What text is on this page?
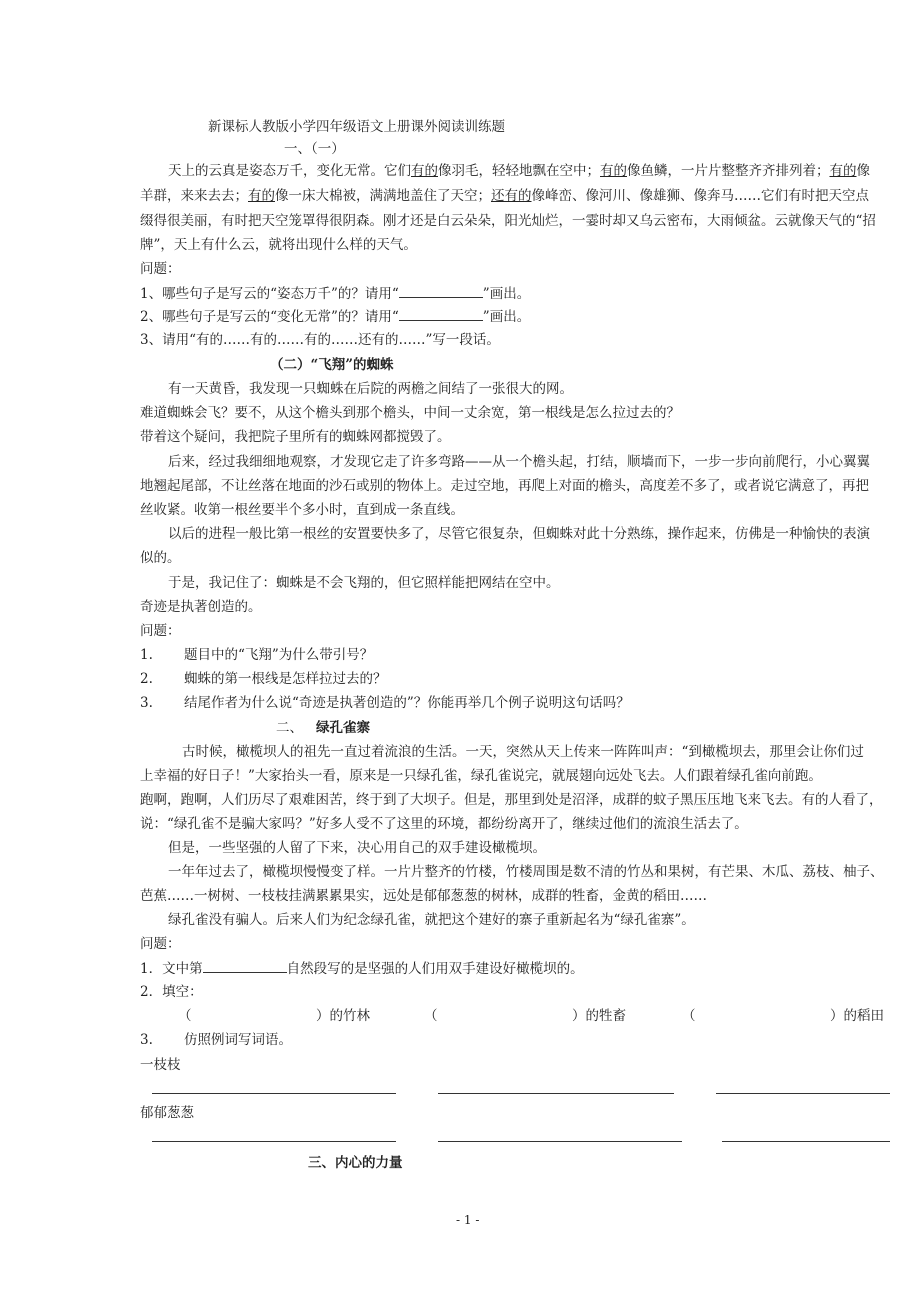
新课标人教版小学四年级语文上册课外阅读训练题
一、（一）
天上的云真是姿态万千，变化无常。它们有的像羽毛，轻轻地飘在空中；有的像鱼鳞，一片片整整齐齐排列着；有的像
羊群，来来去去；有的像一床大棉被，满满地盖住了天空；还有的像峰峦、像河川、像雄狮、像奔马……它们有时把天空点
缀得很美丽，有时把天空笼罩得很阴森。刚才还是白云朵朵，阳光灿烂，一霎时却又乌云密布，大雨倾盆。云就像天气的“招
牌”，天上有什么云，就将出现什么样的天气。
问题：
1、哪些句子是写云的“姿态万千”的？请用“	”画出。
2、哪些句子是写云的“变化无常”的？请用“	”画出。
3、请用“有的……有的……有的……还有的……”写一段话。
（二）“飞翔”的蜘蛛
有一天黄昏，我发现一只蜘蛛在后院的两檐之间结了一张很大的网。
难道蜘蛛会飞？要不，从这个檐头到那个檐头，中间一丈余宽，第一根线是怎么拉过去的？
带着这个疑问，我把院子里所有的蜘蛛网都搅毁了。
后来，经过我细细地观察，才发现它走了许多弯路——从一个檐头起，打结，顺墙而下，一步一步向前爬行，小心翼翼
地翘起尾部，不让丝落在地面的沙石或别的物体上。走过空地，再爬上对面的檐头，高度差不多了，或者说它满意了，再把
丝收紧。收第一根丝要半个多小时，直到成一条直线。
以后的进程一般比第一根丝的安置要快多了，尽管它很复杂，但蜘蛛对此十分熟练，操作起来，仿佛是一种愉快的表演
似的。
于是，我记住了：蜘蛛是不会飞翔的，但它照样能把网结在空中。
奇迹是执著创造的。
问题：
1. 题目中的“飞翔”为什么带引号？
2. 蜘蛛的第一根线是怎样拉过去的？
3. 结尾作者为什么说“奇迹是执著创造的”？你能再举几个例子说明这句话吗？
二、 绿孔雀寨
古时候，橄榄坝人的祖先一直过着流浪的生活。一天，突然从天上传来一阵阵叫声：“到橄榄坝去，那里会让你们过
上幸福的好日子！”大家抬头一看，原来是一只绿孔雀，绿孔雀说完，就展翅向远处飞去。人们跟着绿孔雀向前跑。
跑啊，跑啊，人们历尽了艰难困苦，终于到了大坝子。但是，那里到处是沼泽，成群的蚊子黑压压地飞来飞去。有的人看了，
说：“绿孔雀不是骗大家吗？”好多人受不了这里的环境，都纷纷离开了，继续过他们的流浪生活去了。
但是，一些坚强的人留了下来，决心用自己的双手建设橄榄坝。
一年年过去了，橄榄坝慢慢变了样。一片片整齐的竹楼，竹楼周围是数不清的竹丛和果树，有芒果、木瓜、荔枝、柚子、
芭蕉……一树树、一枝枝挂满累累果实，远处是郁郁葱葱的树林，成群的牲畜，金黄的稻田……
绿孔雀没有骗人。后来人们为纪念绿孔雀，就把这个建好的寨子重新起名为“绿孔雀寨”。
问题：
1．文中第	自然段写的是坚强的人们用双手建设好橄榄坝的。
2．填空：
（	）的竹林	（	）的牲畜	（	）的稻田
3. 仿照例词写词语。
一枝枝
郁郁葱葱
三、内心的力量
- 1 -
